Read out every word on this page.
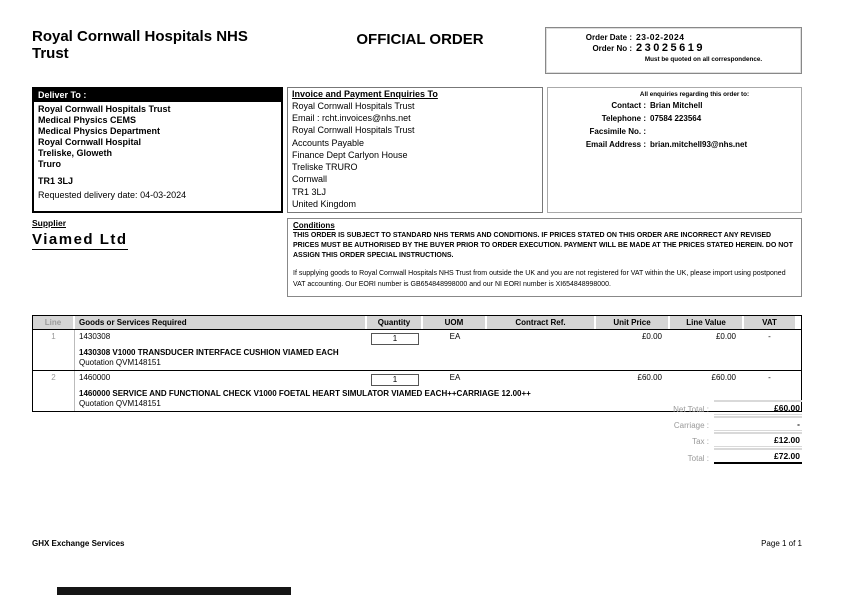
Royal Cornwall Hospitals NHS Trust
OFFICIAL ORDER	Order Date : 23-02-2024
Order No : 23025619
Must be quoted on all correspondence.
Deliver To :
Royal Cornwall Hospitals Trust
Medical Physics CEMS
Medical Physics Department
Royal Cornwall Hospital
Treliske, Gloweth
Truro
TR1 3LJ
Requested delivery date: 04-03-2024
Invoice and Payment Enquiries To
Royal Cornwall Hospitals Trust
Email : rcht.invoices@nhs.net
Royal Cornwall Hospitals Trust
Accounts Payable
Finance Dept Carlyon House
Treliske TRURO
Cornwall
TR1 3LJ
United Kingdom
All enquiries regarding this order to:
Contact : Brian Mitchell
Telephone : 07584 223564
Facsimile No. :
Email Address : brian.mitchell93@nhs.net
Supplier
Viamed Ltd
Conditions
THIS ORDER IS SUBJECT TO STANDARD NHS TERMS AND CONDITIONS. IF PRICES STATED ON THIS ORDER ARE INCORRECT ANY REVISED PRICES MUST BE AUTHORISED BY THE BUYER PRIOR TO ORDER EXECUTION. PAYMENT WILL BE MADE AT THE PRICES STATED HEREIN. DO NOT ASSIGN THIS ORDER SPECIAL INSTRUCTIONS.
If supplying goods to Royal Cornwall Hospitals NHS Trust from outside the UK and you are not registered for VAT within the UK, please import using postponed VAT accounting. Our EORI number is GB654848998000 and our NI EORI number is XI654848998000.
Line	Goods or Services Required	Quantity	UOM	Contract Ref.	Unit Price	Line Value	VAT
1	1430308	1	EA	£0.00	£0.00	-
1430308 V1000 TRANSDUCER INTERFACE CUSHION VIAMED EACH
Quotation QVM148151
2	1460000	1	EA	£60.00	£60.00	-
1460000 SERVICE AND FUNCTIONAL CHECK V1000 FOETAL HEART SIMULATOR VIAMED EACH++CARRIAGE 12.00++
Quotation QVM148151
Net Total :	£60.00
Carriage :	-
Tax :	£12.00
Total :	£72.00
GHX Exchange Services	Page 1 of 1
